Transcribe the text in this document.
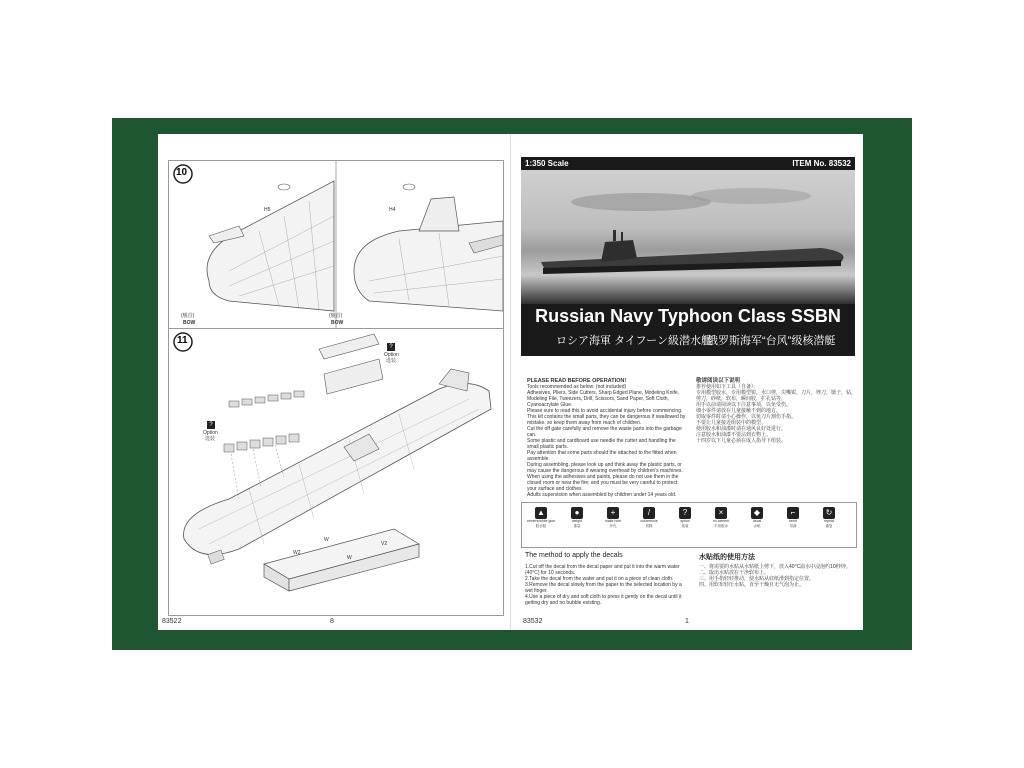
10
H5	H4
(舰首)
BOW
(舰首)
BOW
11
?
Option
选装
?
Option
选装
W
W2
W
V2
83522	8
1:350 Scale	ITEM No. 83532
Russian Navy Typhoon Class SSBN
ロシア海軍 タイフーン級潜水艦
俄罗斯海军“台风”级核潜艇

PLEASE READ BEFORE OPERATION!

Tools recommended as below: (not included)

Adhesives, Pliers, Side Cutters, Sharp Edged Plane, Modeling Knife, Modeling File, Tweezers, Drill, Scissors, Sand Paper, Soft Cloth, Cyanoacrylate Glue.

Please sure to read this to avoid accidental injury before commencing.

This kit contains the small parts, they can be dangerous if swallowed by mistake, so keep them away from reach of children.

Cut the off gate carefully and remove the waste parts into the garbage can.

Some plastic and cardboard use needle the cutter and handling the small plastic parts.

Pay attention that some parts should the attached to the fitted when assemble.

During assembling, please look up and think away the plastic parts, or may cause the dangerous if wearing overhead by children's machines.

When using the adhesives and paints, please do not use them in the closed room or near the fire; and you must be very careful to protect your surface and clothes.

Adults supervision when assembled by children under 14 years old.

敬请阅读以下说明

推荐使用如下工具（自备）：

专用模型胶水，专用模型钳，水口剪，尖嘴钳，刀片，锉刀，镊子，钻，剪刀，砂纸，软布，瞬间胶，扩孔钻等。

用手以前请阅读以下注意事项，以免受伤。

细小零件请放在儿童接触不到的地方。

切取零件时请小心操作，以免刀片割伤手指。

不要让儿童接近组装中的模型。

使用胶水和油漆时请在通风良好处进行。

注意胶水和油漆不要沾到衣物上。

十四岁以下儿童必须在成人指导下组装。

▲
cement/white glue
胶水粘
●
weight
重量
+
make hole
开孔
/
cut/remove
切除
?
option
选装
×
no cement
不用胶水
◆
decal
水贴
⌐
bend
弯曲
↻
repeat
重复
The method to apply the decals	水贴纸的使用方法
1.Cut off the decal from the decal paper and put it into the warm water (40°C) for 10 seconds.
2.Take the decal from the water and put it on a piece of clean cloth.
3.Remove the decal slowly from the paper to the selected location by a wet finger.
4.Use a piece of dry and soft cloth to press it gently on the decal until it getting dry and no bubble existing.
一、将需要的水贴从水贴纸上剪下，放入40°C温水中浸泡约10秒钟。
二、取出水贴放在干净软布上。
三、用手指轻轻推动，使水贴从底纸滑到指定位置。
四、用软布轻压水贴，直至干燥且无气泡为止。
83532	1
